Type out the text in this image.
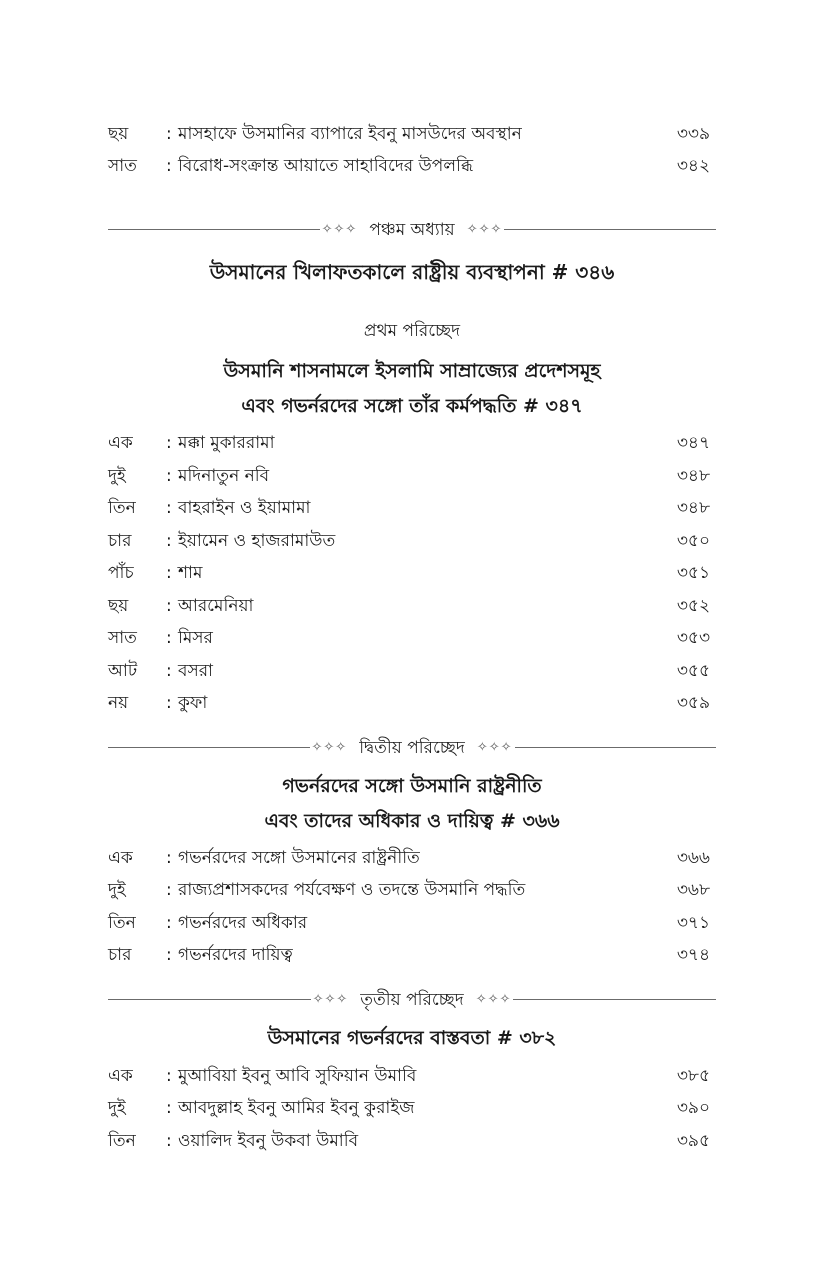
ছয় : মাসহাফে উসমানির ব্যাপারে ইবনু মাসউদের অবস্থান	৩৩৯
সাত : বিরোধ-সংক্রান্ত আয়াতে সাহাবিদের উপলব্ধি	৩৪২
✧✧✧ পঞ্চম অধ্যায় ✧✧✧
উসমানের খিলাফতকালে রাষ্ট্রীয় ব্যবস্থাপনা # ৩৪৬
প্রথম পরিচ্ছেদ
উসমানি শাসনামলে ইসলামি সাম্রাজ্যের প্রদেশসমূহ
এবং গভর্নরদের সঙ্গো তাঁর কর্মপদ্ধতি # ৩৪৭
এক : মক্কা মুকাররামা	৩৪৭
দুই : মদিনাতুন নবি	৩৪৮
তিন : বাহরাইন ও ইয়ামামা	৩৪৮
চার : ইয়ামেন ও হাজরামাউত	৩৫০
পাঁচ : শাম	৩৫১
ছয় : আরমেনিয়া	৩৫২
সাত : মিসর	৩৫৩
আট : বসরা	৩৫৫
নয় : কুফা	৩৫৯
✧✧✧ দ্বিতীয় পরিচ্ছেদ ✧✧✧
গভর্নরদের সঙ্গো উসমানি রাষ্ট্রনীতি
এবং তাদের অধিকার ও দায়িত্ব # ৩৬৬
এক : গভর্নরদের সঙ্গো উসমানের রাষ্ট্রনীতি	৩৬৬
দুই : রাজ্যপ্রশাসকদের পর্যবেক্ষণ ও তদন্তে উসমানি পদ্ধতি	৩৬৮
তিন : গভর্নরদের অধিকার	৩৭১
চার : গভর্নরদের দায়িত্ব	৩৭৪
✧✧✧ তৃতীয় পরিচ্ছেদ ✧✧✧
উসমানের গভর্নরদের বাস্তবতা # ৩৮২
এক : মুআবিয়া ইবনু আবি সুফিয়ান উমাবি	৩৮৫
দুই : আবদুল্লাহ ইবনু আমির ইবনু কুরাইজ	৩৯০
তিন : ওয়ালিদ ইবনু উকবা উমাবি	৩৯৫
